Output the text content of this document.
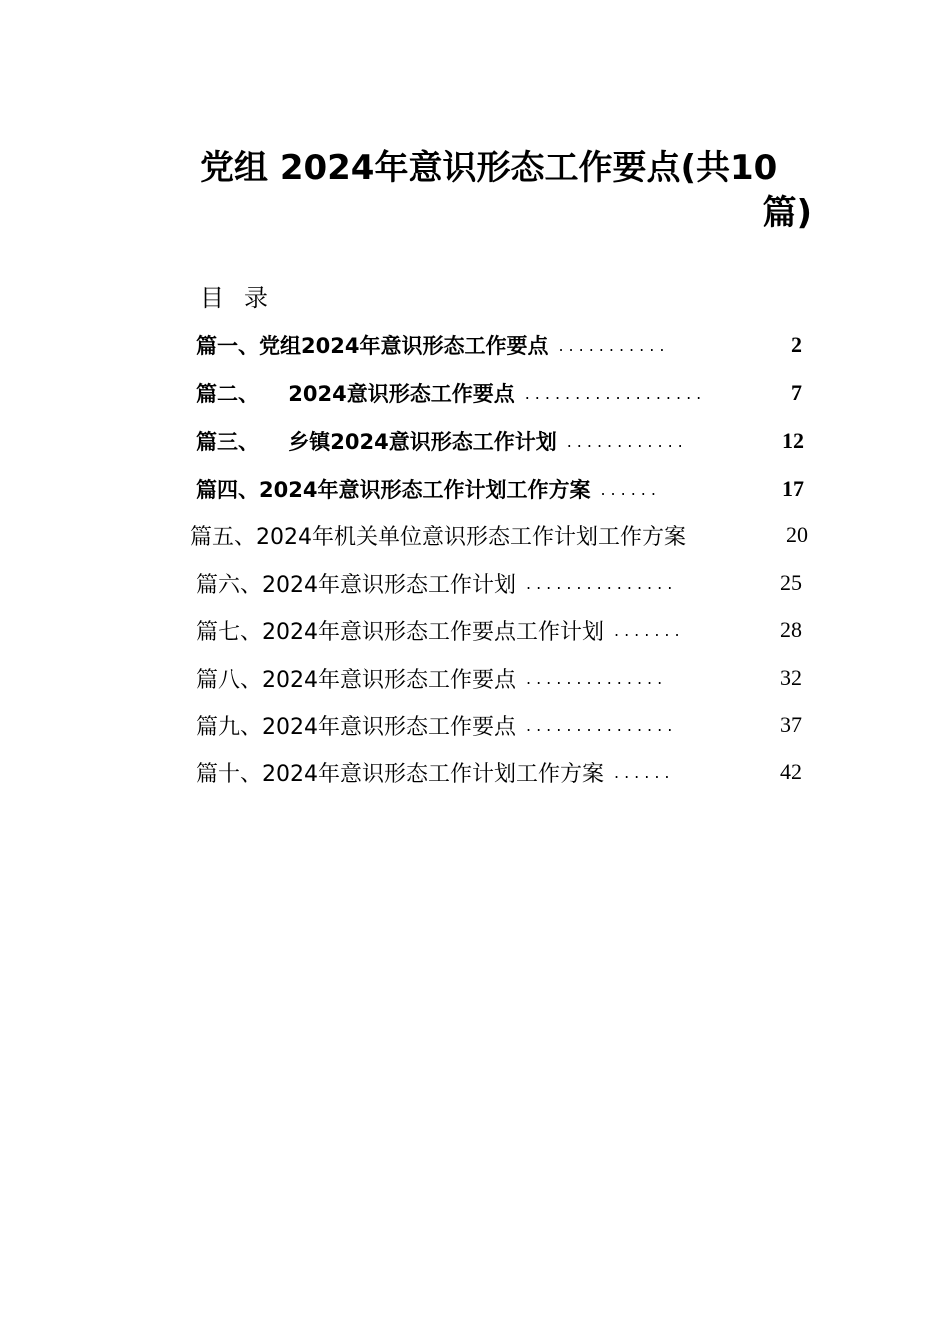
党组 2024年意识形态工作要点(共10
篇)
目录
篇一、党组2024年意识形态工作要点 ...........	2
篇二、    2024意识形态工作要点 ..................	7
篇三、    乡镇2024意识形态工作计划 ............	12
篇四、2024年意识形态工作计划工作方案 ......	17
篇五、2024年机关单位意识形态工作计划工作方案	20
篇六、2024年意识形态工作计划 ...............	25
篇七、2024年意识形态工作要点工作计划 .......	28
篇八、2024年意识形态工作要点 ..............	32
篇九、2024年意识形态工作要点 ...............	37
篇十、2024年意识形态工作计划工作方案 ......	42
